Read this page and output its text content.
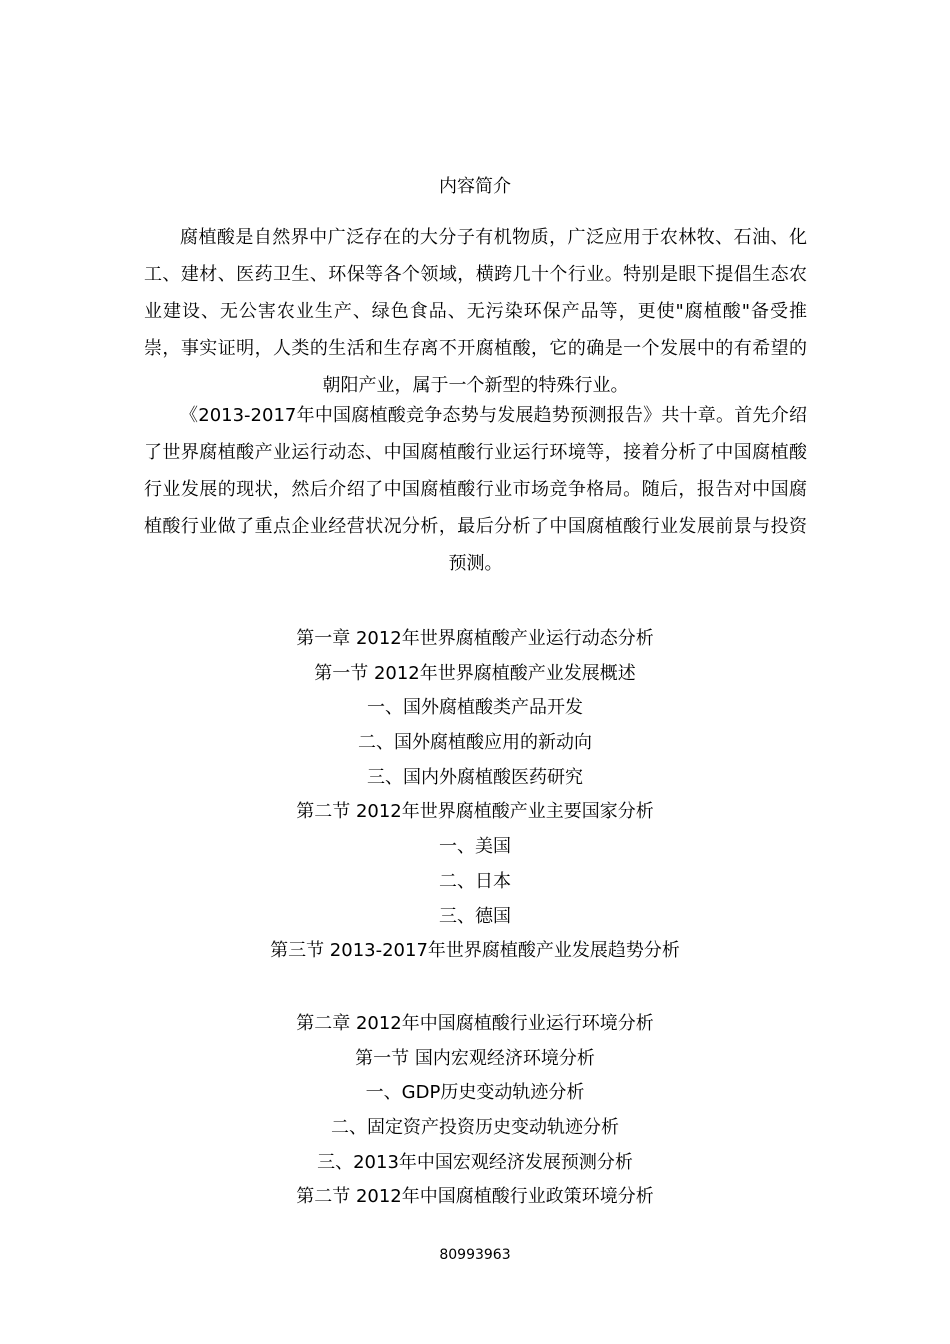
内容简介

腐植酸是自然界中广泛存在的大分子有机物质，广泛应用于农林牧、石油、化工、建材、医药卫生、环保等各个领域，横跨几十个行业。特别是眼下提倡生态农业建设、无公害农业生产、绿色食品、无污染环保产品等，更使"腐植酸"备受推崇，事实证明，人类的生活和生存离不开腐植酸，它的确是一个发展中的有希望的朝阳产业，属于一个新型的特殊行业。

《2013-2017年中国腐植酸竞争态势与发展趋势预测报告》共十章。首先介绍了世界腐植酸产业运行动态、中国腐植酸行业运行环境等，接着分析了中国腐植酸行业发展的现状，然后介绍了中国腐植酸行业市场竞争格局。随后，报告对中国腐植酸行业做了重点企业经营状况分析，最后分析了中国腐植酸行业发展前景与投资预测。

第一章 2012年世界腐植酸产业运行动态分析
第一节 2012年世界腐植酸产业发展概述
一、国外腐植酸类产品开发
二、国外腐植酸应用的新动向
三、国内外腐植酸医药研究
第二节 2012年世界腐植酸产业主要国家分析
一、美国
二、日本
三、德国
第三节 2013-2017年世界腐植酸产业发展趋势分析
第二章 2012年中国腐植酸行业运行环境分析
第一节 国内宏观经济环境分析
一、GDP历史变动轨迹分析
二、固定资产投资历史变动轨迹分析
三、2013年中国宏观经济发展预测分析
第二节 2012年中国腐植酸行业政策环境分析
80993963
